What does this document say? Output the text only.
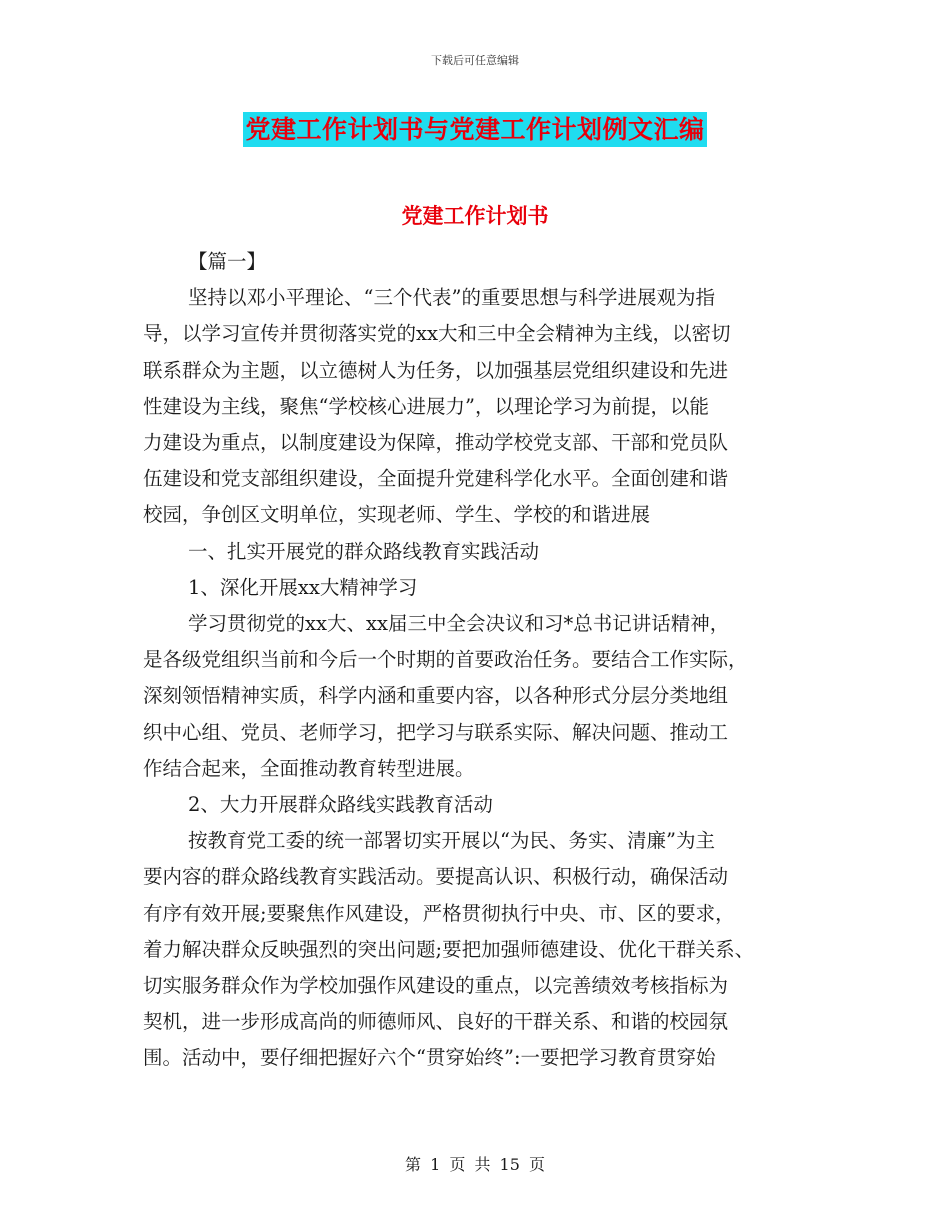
下载后可任意编辑
党建工作计划书与党建工作计划例文汇编
党建工作计划书
【篇一】
坚持以邓小平理论、“三个代表”的重要思想与科学进展观为指
导，以学习宣传并贯彻落实党的xx大和三中全会精神为主线，以密切
联系群众为主题，以立德树人为任务，以加强基层党组织建设和先进
性建设为主线，聚焦“学校核心进展力”，以理论学习为前提，以能
力建设为重点，以制度建设为保障，推动学校党支部、干部和党员队
伍建设和党支部组织建设，全面提升党建科学化水平。全面创建和谐
校园，争创区文明单位，实现老师、学生、学校的和谐进展
一、扎实开展党的群众路线教育实践活动
1、深化开展xx大精神学习
学习贯彻党的xx大、xx届三中全会决议和习*总书记讲话精神，
是各级党组织当前和今后一个时期的首要政治任务。要结合工作实际，
深刻领悟精神实质，科学内涵和重要内容，以各种形式分层分类地组
织中心组、党员、老师学习，把学习与联系实际、解决问题、推动工
作结合起来，全面推动教育转型进展。
2、大力开展群众路线实践教育活动
按教育党工委的统一部署切实开展以“为民、务实、清廉”为主
要内容的群众路线教育实践活动。要提高认识、积极行动，确保活动
有序有效开展;要聚焦作风建设，严格贯彻执行中央、市、区的要求，
着力解决群众反映强烈的突出问题;要把加强师德建设、优化干群关系、
切实服务群众作为学校加强作风建设的重点，以完善绩效考核指标为
契机，进一步形成高尚的师德师风、良好的干群关系、和谐的校园氛
围。活动中，要仔细把握好六个“贯穿始终”:一要把学习教育贯穿始
第 1 页 共 15 页
